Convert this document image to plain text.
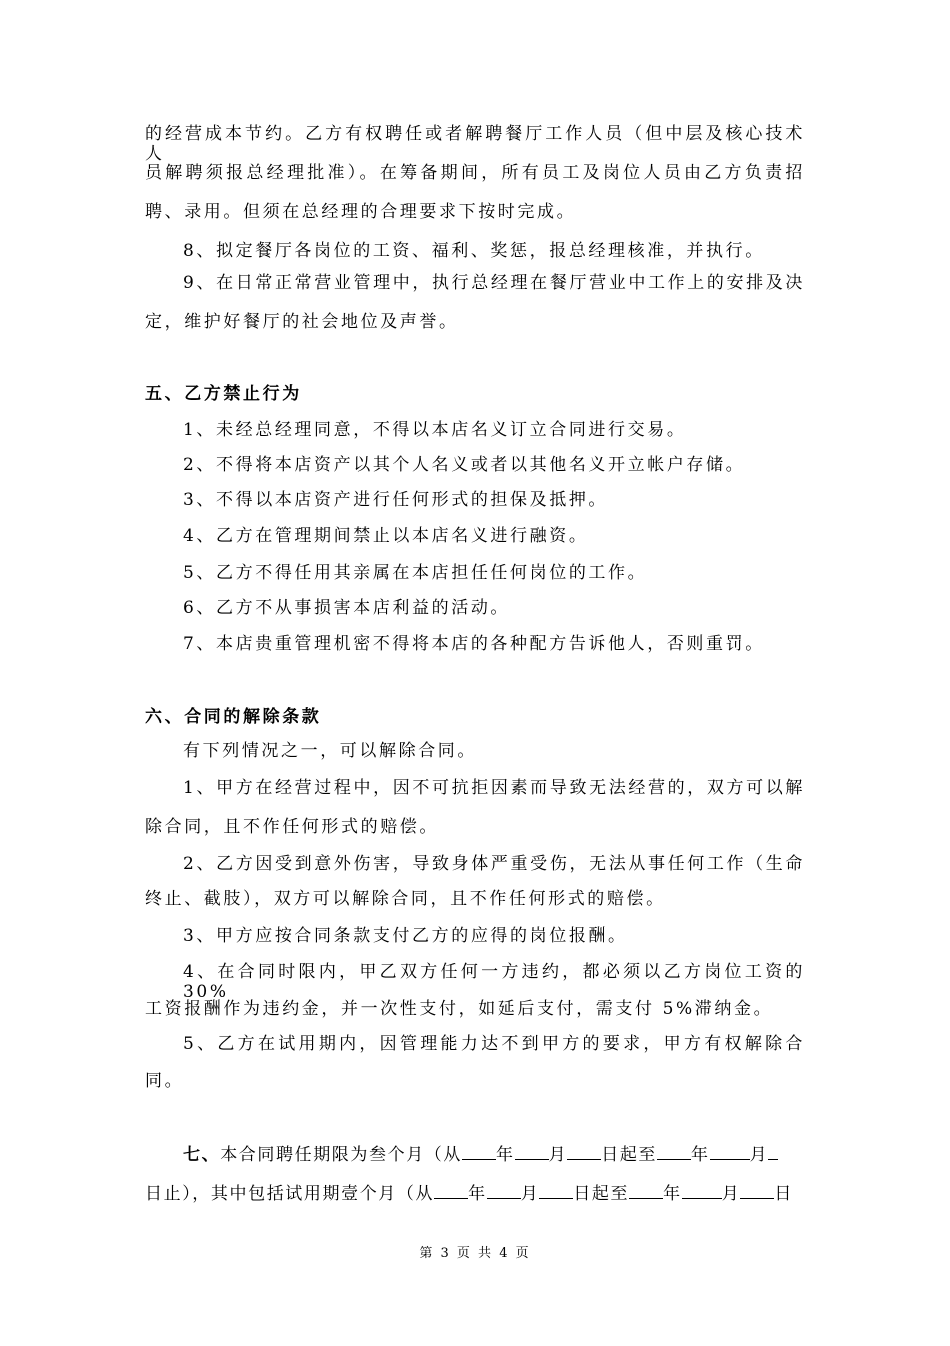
的经营成本节约。乙方有权聘任或者解聘餐厅工作人员（但中层及核心技术人
员解聘须报总经理批准）。在筹备期间，所有员工及岗位人员由乙方负责招
聘、录用。但须在总经理的合理要求下按时完成。
8、拟定餐厅各岗位的工资、福利、奖惩，报总经理核准，并执行。
9、在日常正常营业管理中，执行总经理在餐厅营业中工作上的安排及决
定，维护好餐厅的社会地位及声誉。
五、乙方禁止行为
1、未经总经理同意，不得以本店名义订立合同进行交易。
2、不得将本店资产以其个人名义或者以其他名义开立帐户存储。
3、不得以本店资产进行任何形式的担保及抵押。
4、乙方在管理期间禁止以本店名义进行融资。
5、乙方不得任用其亲属在本店担任任何岗位的工作。
6、乙方不从事损害本店利益的活动。
7、本店贵重管理机密不得将本店的各种配方告诉他人，否则重罚。
六、合同的解除条款
有下列情况之一，可以解除合同。
1、甲方在经营过程中，因不可抗拒因素而导致无法经营的，双方可以解
除合同，且不作任何形式的赔偿。
2、乙方因受到意外伤害，导致身体严重受伤，无法从事任何工作（生命
终止、截肢），双方可以解除合同，且不作任何形式的赔偿。
3、甲方应按合同条款支付乙方的应得的岗位报酬。
4、在合同时限内，甲乙双方任何一方违约，都必须以乙方岗位工资的 30%
工资报酬作为违约金，并一次性支付，如延后支付，需支付 5%滞纳金。
5、乙方在试用期内，因管理能力达不到甲方的要求，甲方有权解除合
同。
七、本合同聘任期限为叁个月（从 年 月 日起至 年 月
日止），其中包括试用期壹个月（从 年 月 日起至 年 月 日
第 3 页 共 4 页
